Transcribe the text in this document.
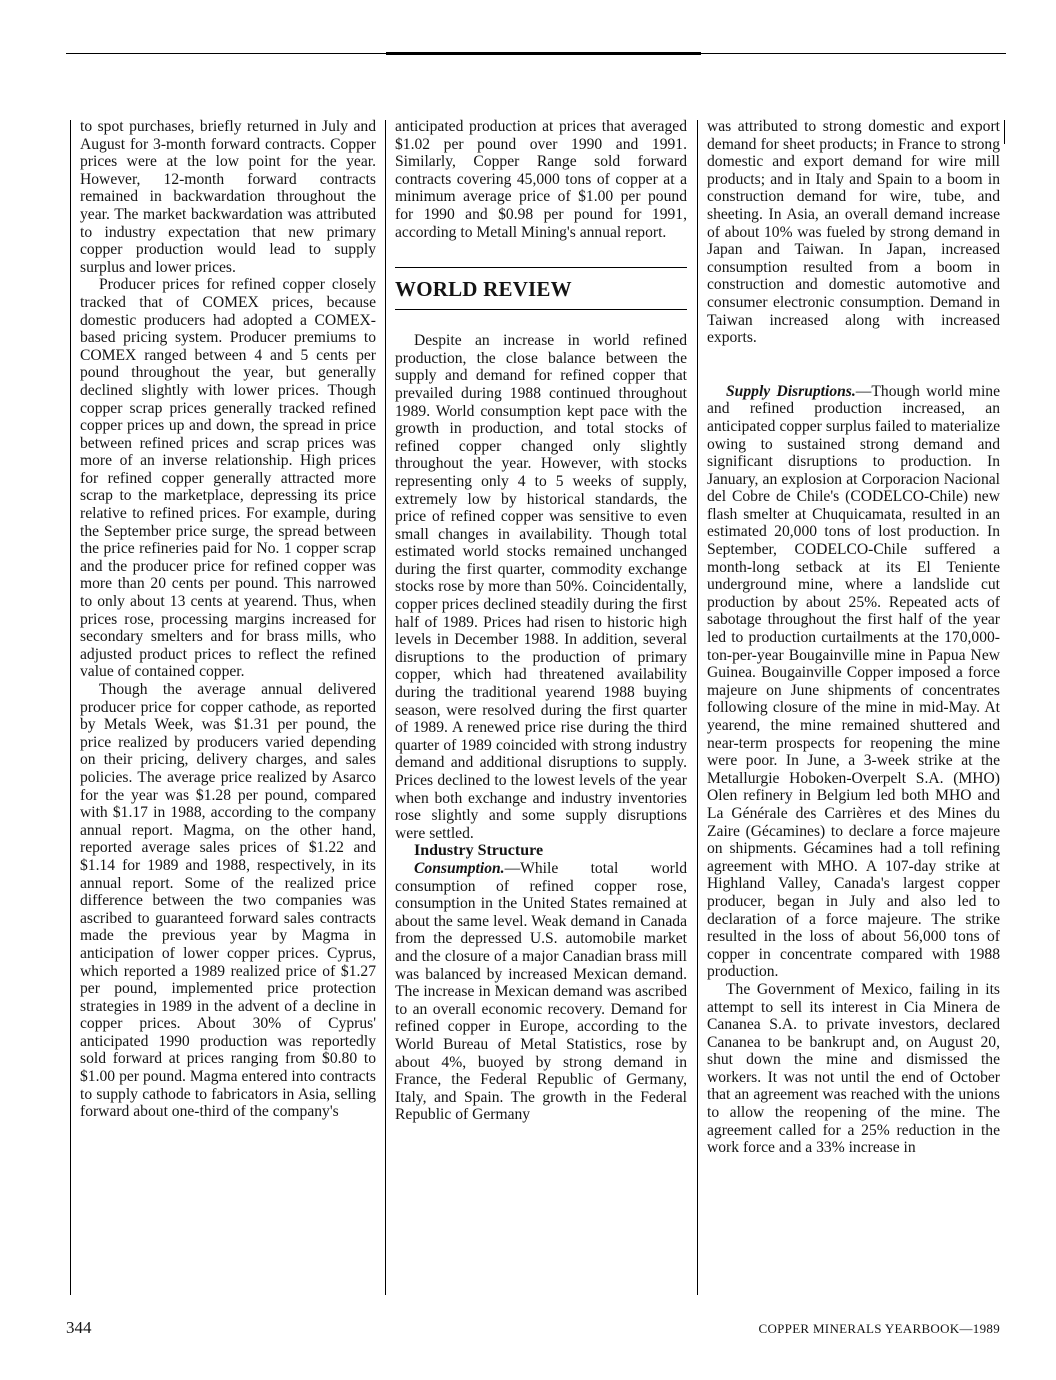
to spot purchases, briefly returned in July and August for 3-month forward contracts. Copper prices were at the low point for the year. However, 12-month forward contracts remained in backwardation throughout the year. The market backwardation was attributed to industry expectation that new primary copper production would lead to supply surplus and lower prices.

Producer prices for refined copper closely tracked that of COMEX prices, because domestic producers had adopted a COMEX-based pricing system. Producer premiums to COMEX ranged between 4 and 5 cents per pound throughout the year, but generally declined slightly with lower prices. Though copper scrap prices generally tracked refined copper prices up and down, the spread in price between refined prices and scrap prices was more of an inverse relationship. High prices for refined copper generally attracted more scrap to the marketplace, depressing its price relative to refined prices. For example, during the September price surge, the spread between the price refineries paid for No. 1 copper scrap and the producer price for refined copper was more than 20 cents per pound. This narrowed to only about 13 cents at yearend. Thus, when prices rose, processing margins increased for secondary smelters and for brass mills, who adjusted product prices to reflect the refined value of contained copper.

Though the average annual delivered producer price for copper cathode, as reported by Metals Week, was $1.31 per pound, the price realized by producers varied depending on their pricing, delivery charges, and sales policies. The average price realized by Asarco for the year was $1.28 per pound, compared with $1.17 in 1988, according to the company annual report. Magma, on the other hand, reported average sales prices of $1.22 and $1.14 for 1989 and 1988, respectively, in its annual report. Some of the realized price difference between the two companies was ascribed to guaranteed forward sales contracts made the previous year by Magma in anticipation of lower copper prices. Cyprus, which reported a 1989 realized price of $1.27 per pound, implemented price protection strategies in 1989 in the advent of a decline in copper prices. About 30% of Cyprus' anticipated 1990 production was reportedly sold forward at prices ranging from $0.80 to $1.00 per pound. Magma entered into contracts to supply cathode to fabricators in Asia, selling forward about one-third of the company's

anticipated production at prices that averaged $1.02 per pound over 1990 and 1991. Similarly, Copper Range sold forward contracts covering 45,000 tons of copper at a minimum average price of $1.00 per pound for 1990 and $0.98 per pound for 1991, according to Metall Mining's annual report.

WORLD REVIEW

Despite an increase in world refined production, the close balance between the supply and demand for refined copper that prevailed during 1988 continued throughout 1989. World consumption kept pace with the growth in production, and total stocks of refined copper changed only slightly throughout the year. However, with stocks representing only 4 to 5 weeks of supply, extremely low by historical standards, the price of refined copper was sensitive to even small changes in availability. Though total estimated world stocks remained unchanged during the first quarter, commodity exchange stocks rose by more than 50%. Coincidentally, copper prices declined steadily during the first half of 1989. Prices had risen to historic high levels in December 1988. In addition, several disruptions to the production of primary copper, which had threatened availability during the traditional yearend 1988 buying season, were resolved during the first quarter of 1989. A renewed price rise during the third quarter of 1989 coincided with strong industry demand and additional disruptions to supply. Prices declined to the lowest levels of the year when both exchange and industry inventories rose slightly and some supply disruptions were settled.

Industry Structure

Consumption.—While total world consumption of refined copper rose, consumption in the United States remained at about the same level. Weak demand in Canada from the depressed U.S. automobile market and the closure of a major Canadian brass mill was balanced by increased Mexican demand. The increase in Mexican demand was ascribed to an overall economic recovery. Demand for refined copper in Europe, according to the World Bureau of Metal Statistics, rose by about 4%, buoyed by strong demand in France, the Federal Republic of Germany, Italy, and Spain. The growth in the Federal Republic of Germany

was attributed to strong domestic and export demand for sheet products; in France to strong domestic and export demand for wire mill products; and in Italy and Spain to a boom in construction demand for wire, tube, and sheeting. In Asia, an overall demand increase of about 10% was fueled by strong demand in Japan and Taiwan. In Japan, increased consumption resulted from a boom in construction and domestic automotive and consumer electronic consumption. Demand in Taiwan increased along with increased exports.

Supply Disruptions.—Though world mine and refined production increased, an anticipated copper surplus failed to materialize owing to sustained strong demand and significant disruptions to production. In January, an explosion at Corporacion Nacional del Cobre de Chile's (CODELCO-Chile) new flash smelter at Chuquicamata, resulted in an estimated 20,000 tons of lost production. In September, CODELCO-Chile suffered a month-long setback at its El Teniente underground mine, where a landslide cut production by about 25%. Repeated acts of sabotage throughout the first half of the year led to production curtailments at the 170,000-ton-per-year Bougainville mine in Papua New Guinea. Bougainville Copper imposed a force majeure on June shipments of concentrates following closure of the mine in mid-May. At yearend, the mine remained shuttered and near-term prospects for reopening the mine were poor. In June, a 3-week strike at the Metallurgie Hoboken-Overpelt S.A. (MHO) Olen refinery in Belgium led both MHO and La Générale des Carrières et des Mines du Zaire (Gécamines) to declare a force majeure on shipments. Gécamines had a toll refining agreement with MHO. A 107-day strike at Highland Valley, Canada's largest copper producer, began in July and also led to declaration of a force majeure. The strike resulted in the loss of about 56,000 tons of copper in concentrate compared with 1988 production.

The Government of Mexico, failing in its attempt to sell its interest in Cia Minera de Cananea S.A. to private investors, declared Cananea to be bankrupt and, on August 20, shut down the mine and dismissed the workers. It was not until the end of October that an agreement was reached with the unions to allow the reopening of the mine. The agreement called for a 25% reduction in the work force and a 33% increase in

344	COPPER MINERALS YEARBOOK—1989
